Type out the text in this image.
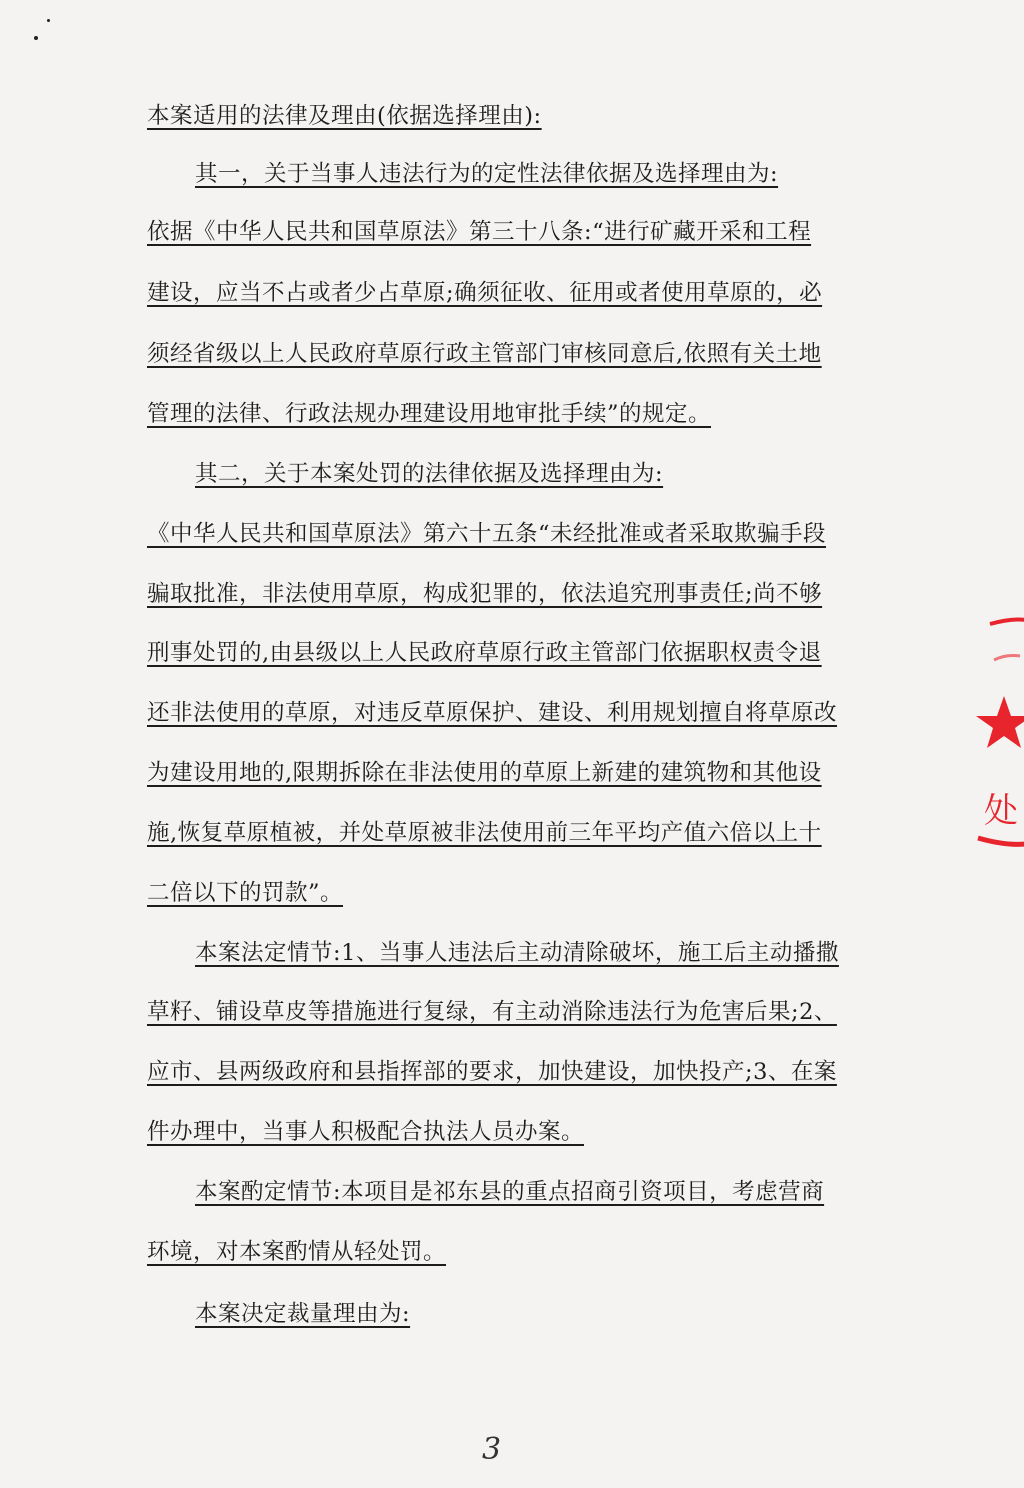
本案适用的法律及理由(依据选择理由):
其一，关于当事人违法行为的定性法律依据及选择理由为:
依据《中华人民共和国草原法》第三十八条:“进行矿藏开采和工程
建设，应当不占或者少占草原;确须征收、征用或者使用草原的，必
须经省级以上人民政府草原行政主管部门审核同意后,依照有关土地
管理的法律、行政法规办理建设用地审批手续”的规定。
其二，关于本案处罚的法律依据及选择理由为:
《中华人民共和国草原法》第六十五条“未经批准或者采取欺骗手段
骗取批准，非法使用草原，构成犯罪的，依法追究刑事责任;尚不够
刑事处罚的,由县级以上人民政府草原行政主管部门依据职权责令退
还非法使用的草原，对违反草原保护、建设、利用规划擅自将草原改
为建设用地的,限期拆除在非法使用的草原上新建的建筑物和其他设
施,恢复草原植被，并处草原被非法使用前三年平均产值六倍以上十
二倍以下的罚款”。
本案法定情节:1、当事人违法后主动清除破坏，施工后主动播撒
草籽、铺设草皮等措施进行复绿，有主动消除违法行为危害后果;2、
应市、县两级政府和县指挥部的要求，加快建设，加快投产;3、在案
件办理中，当事人积极配合执法人员办案。
本案酌定情节:本项目是祁东县的重点招商引资项目，考虑营商
环境，对本案酌情从轻处罚。
本案决定裁量理由为:
处
3
